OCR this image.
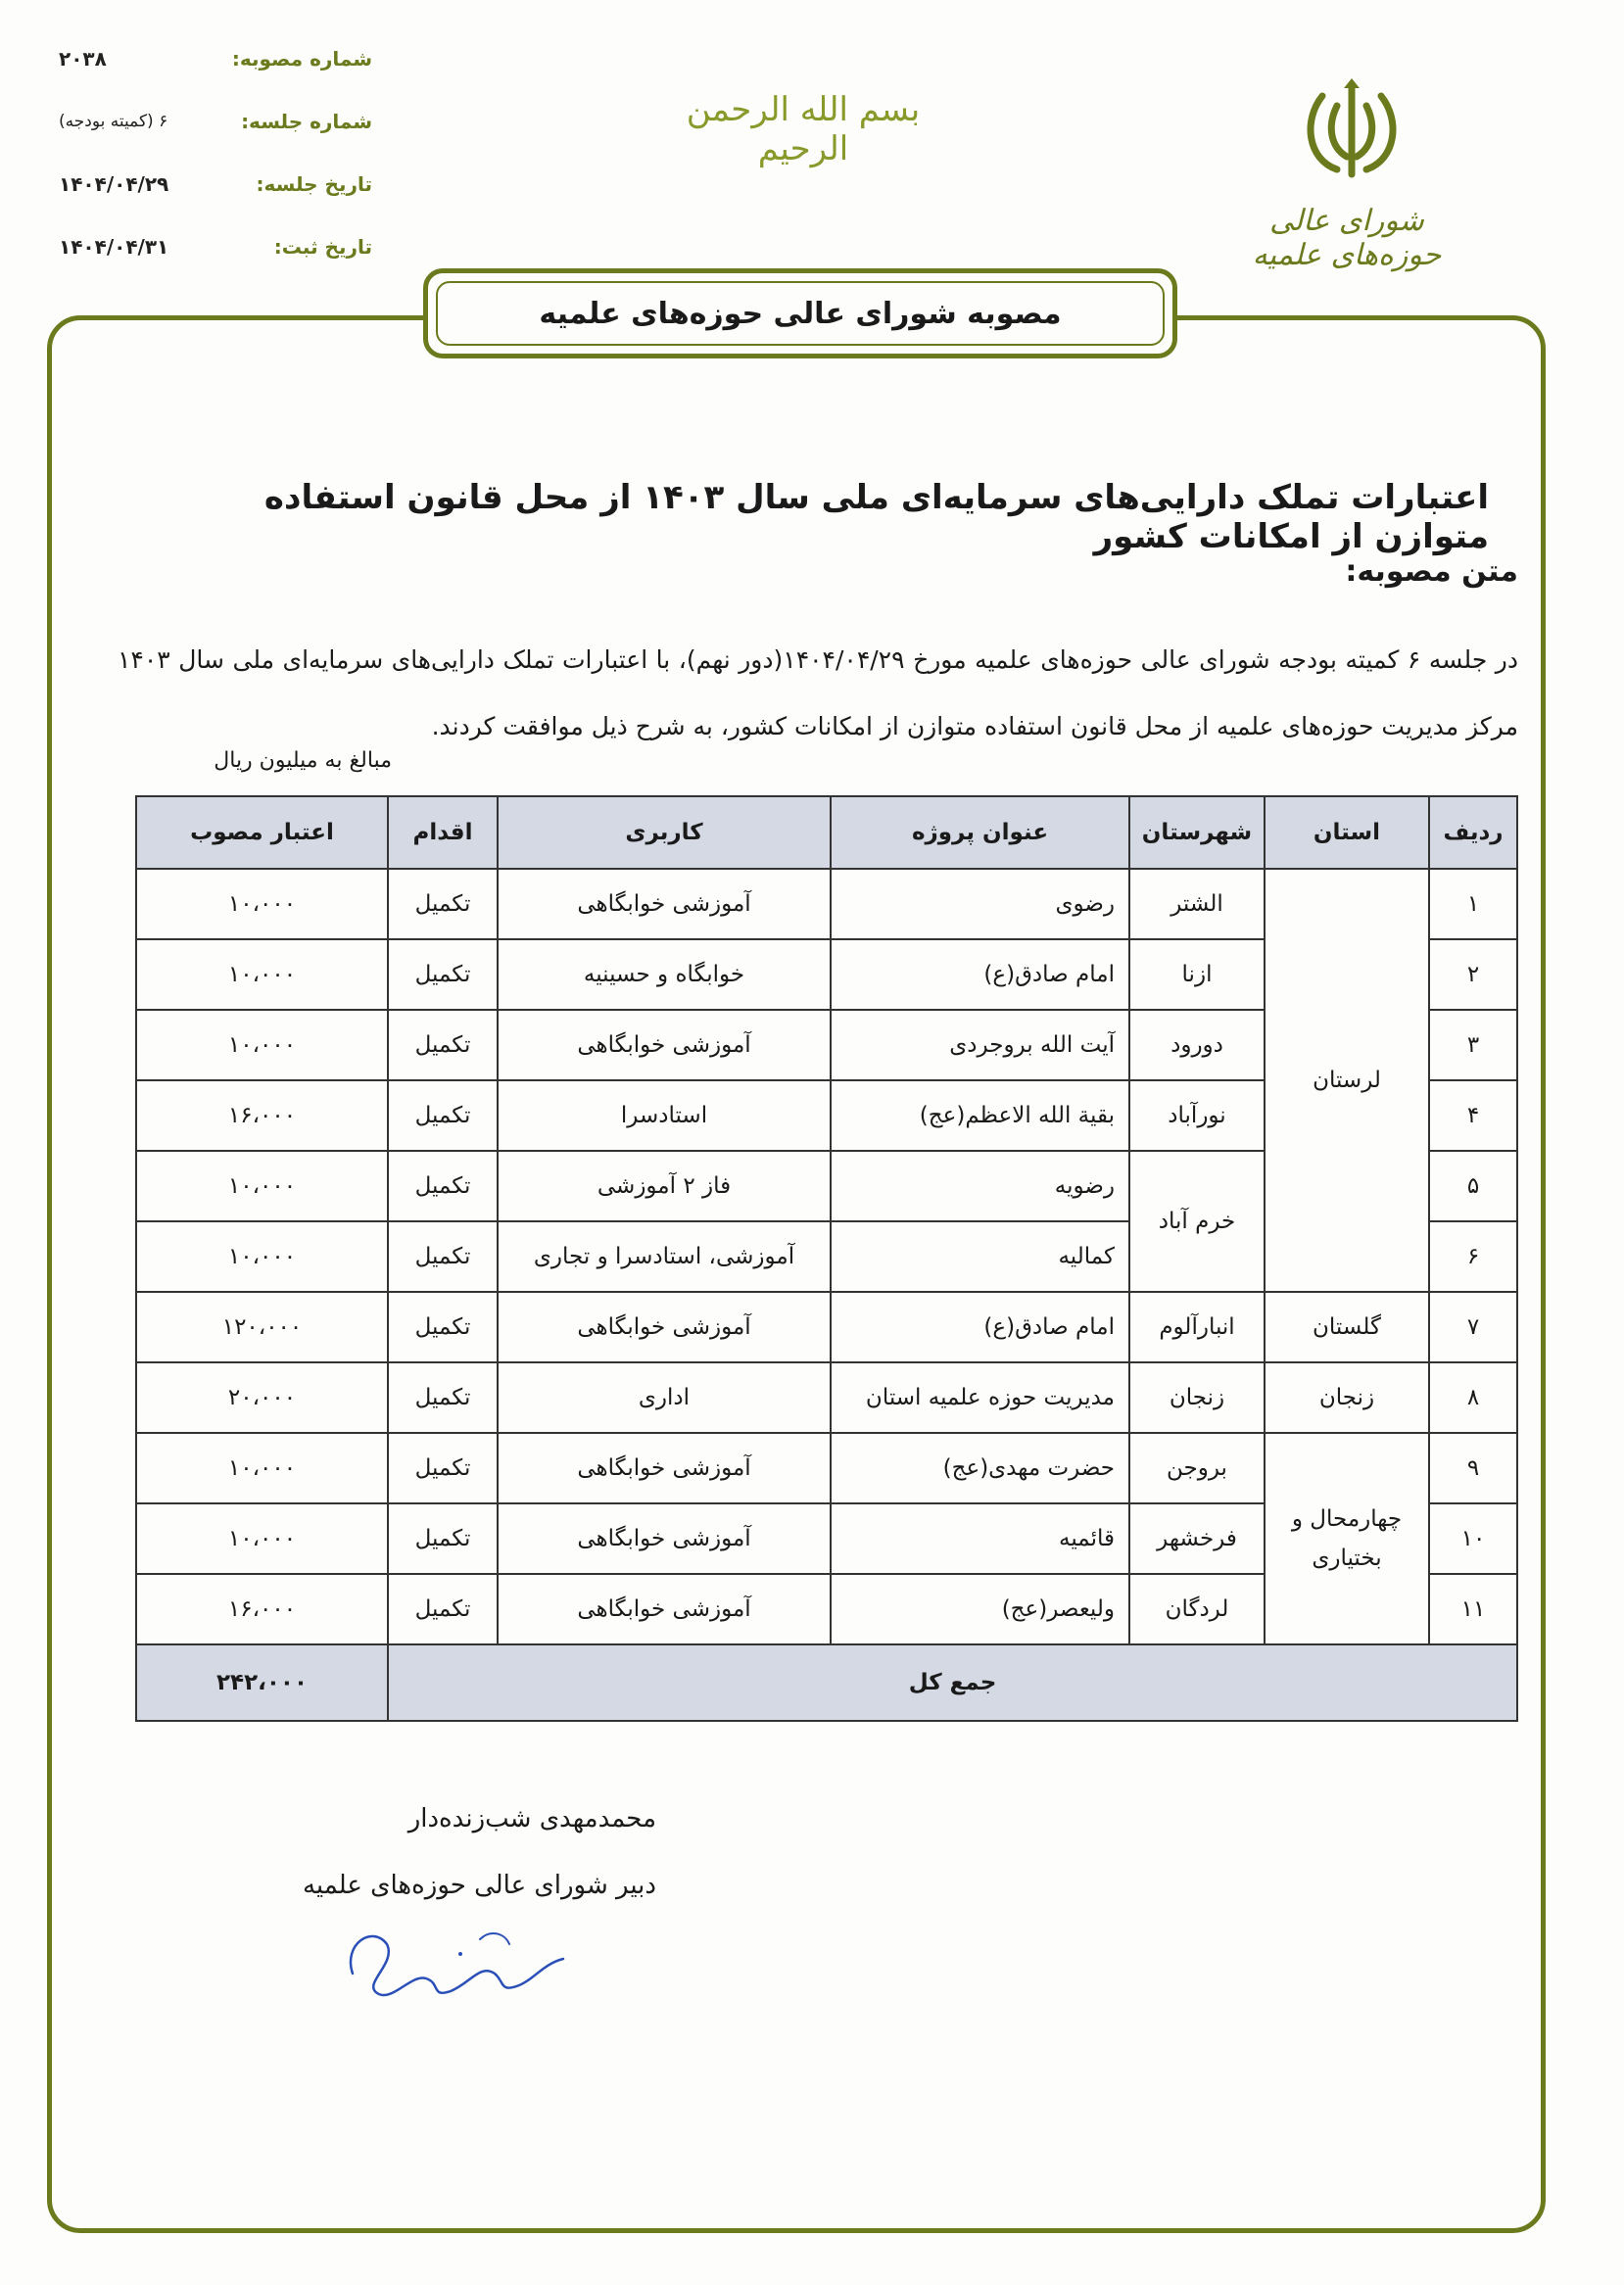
شماره مصوبه:
۲۰۳۸
شماره جلسه:
۶ (کمیته بودجه)
تاریخ جلسه:
۱۴۰۴/۰۴/۲۹
تاریخ ثبت:
۱۴۰۴/۰۴/۳۱
بسم الله الرحمن الرحیم
شورای عالی حوزه‌های علمیه
مصوبه شورای عالی حوزه‌های علمیه
اعتبارات تملک دارایی‌های سرمایه‌ای ملی سال ۱۴۰۳ از محل قانون استفاده متوازن از امکانات کشور
متن مصوبه:
در جلسه ۶ کمیته بودجه شورای عالی حوزه‌های علمیه مورخ ۱۴۰۴/۰۴/۲۹(دور نهم)، با اعتبارات تملک دارایی‌های سرمایه‌ای ملی سال ۱۴۰۳ مرکز مدیریت حوزه‌های علمیه از محل قانون استفاده متوازن از امکانات کشور، به شرح ذیل موافقت کردند.
مبالغ به میلیون ریال
ردیف	استان	شهرستان	عنوان پروژه	کاربری	اقدام	اعتبار مصوب
۱	لرستان	الشتر	رضوی	آموزشی خوابگاهی	تکمیل	۱۰،۰۰۰
۲		ازنا	امام صادق(ع)	خوابگاه و حسینیه	تکمیل	۱۰،۰۰۰
۳		دورود	آیت الله بروجردی	آموزشی خوابگاهی	تکمیل	۱۰،۰۰۰
۴		نورآباد	بقیة الله الاعظم(عج)	استادسرا	تکمیل	۱۶،۰۰۰
۵		خرم آباد	رضویه	فاز ۲ آموزشی	تکمیل	۱۰،۰۰۰
۶			کمالیه	آموزشی، استادسرا و تجاری	تکمیل	۱۰،۰۰۰
۷	گلستان	انبارآلوم	امام صادق(ع)	آموزشی خوابگاهی	تکمیل	۱۲۰،۰۰۰
۸	زنجان	زنجان	مدیریت حوزه علمیه استان	اداری	تکمیل	۲۰،۰۰۰
۹	چهارمحال و بختیاری	بروجن	حضرت مهدی(عج)	آموزشی خوابگاهی	تکمیل	۱۰،۰۰۰
۱۰		فرخشهر	قائمیه	آموزشی خوابگاهی	تکمیل	۱۰،۰۰۰
۱۱		لردگان	ولیعصر(عج)	آموزشی خوابگاهی	تکمیل	۱۶،۰۰۰
جمع کل						۲۴۲،۰۰۰
محمدمهدی شب‌زنده‌دار
دبیر شورای عالی حوزه‌های علمیه
